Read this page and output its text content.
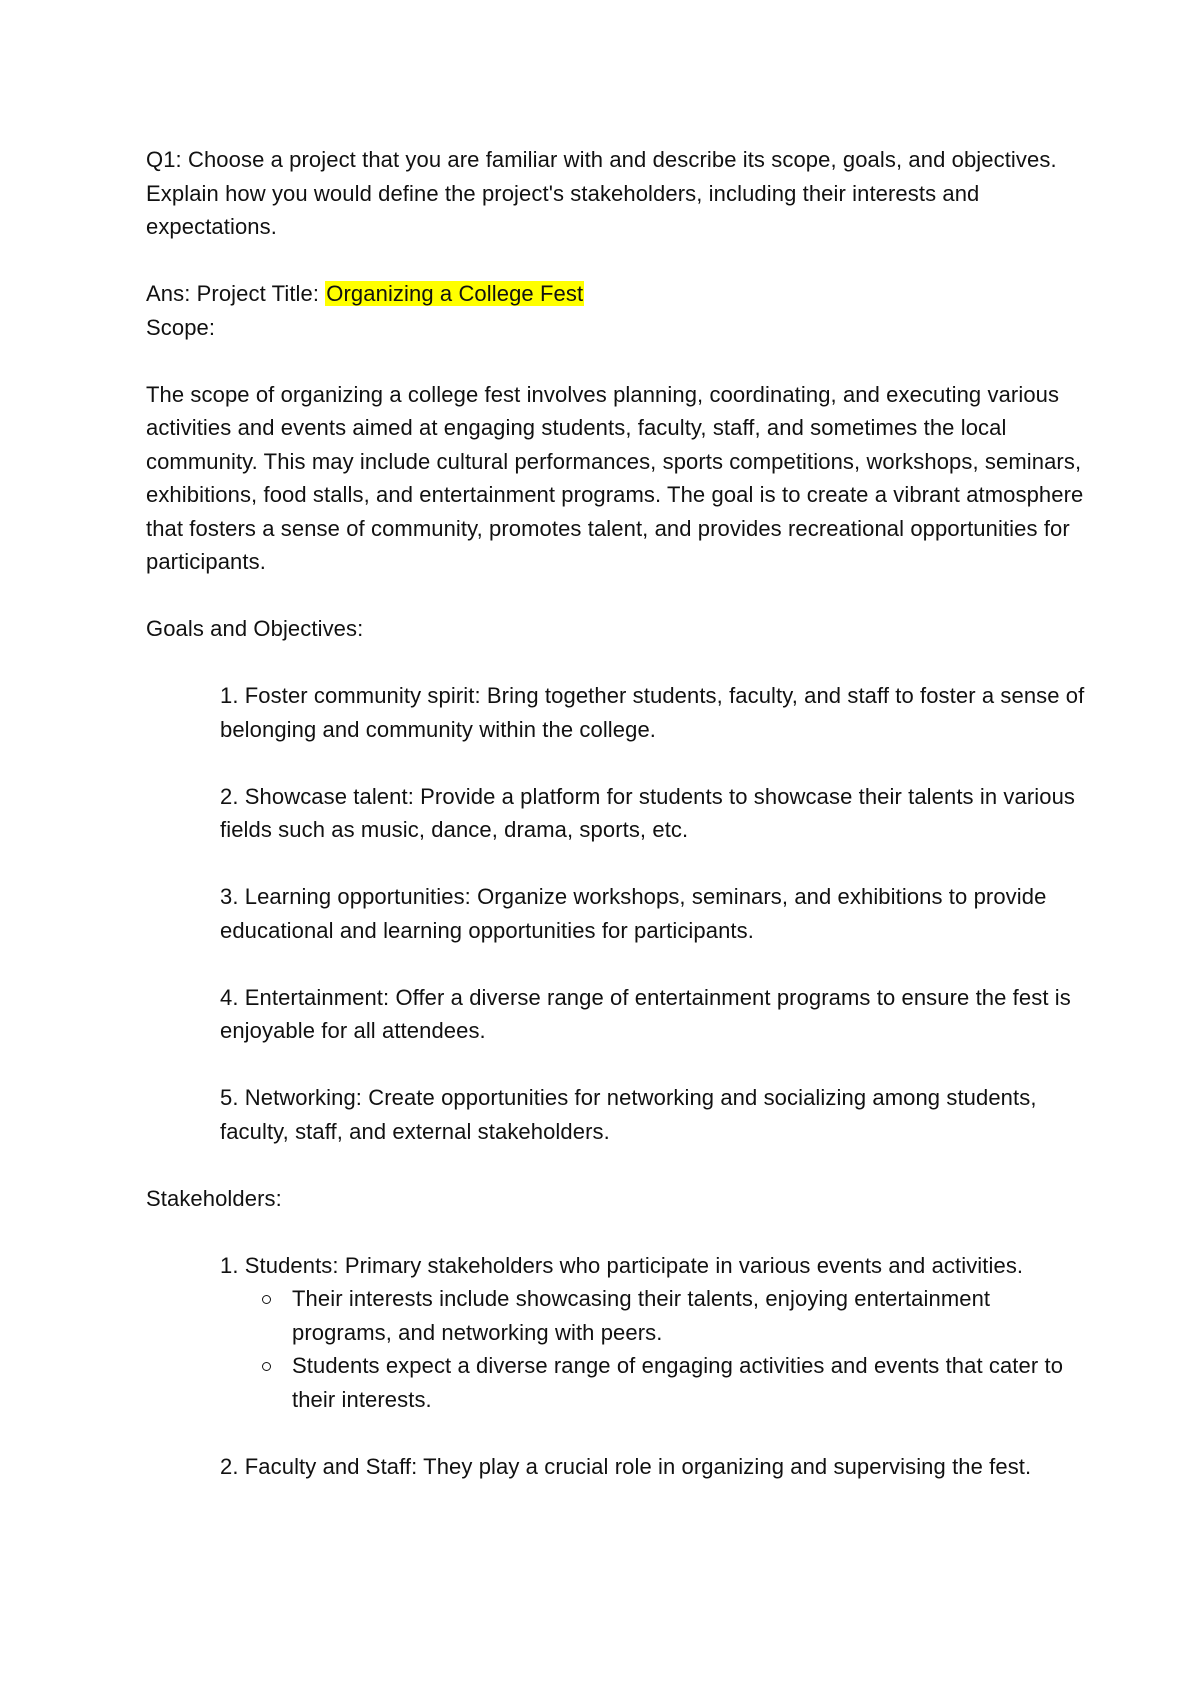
Q1: Choose a project that you are familiar with and describe its scope, goals, and objectives. Explain how you would define the project's stakeholders, including their interests and expectations.

Ans: Project Title: Organizing a College Fest

Scope:

The scope of organizing a college fest involves planning, coordinating, and executing various activities and events aimed at engaging students, faculty, staff, and sometimes the local community. This may include cultural performances, sports competitions, workshops, seminars, exhibitions, food stalls, and entertainment programs. The goal is to create a vibrant atmosphere that fosters a sense of community, promotes talent, and provides recreational opportunities for participants.

Goals and Objectives:

1. Foster community spirit: Bring together students, faculty, and staff to foster a sense of belonging and community within the college.

2. Showcase talent: Provide a platform for students to showcase their talents in various fields such as music, dance, drama, sports, etc.

3. Learning opportunities: Organize workshops, seminars, and exhibitions to provide educational and learning opportunities for participants.

4. Entertainment: Offer a diverse range of entertainment programs to ensure the fest is enjoyable for all attendees.

5. Networking: Create opportunities for networking and socializing among students, faculty, staff, and external stakeholders.

Stakeholders:

1. Students: Primary stakeholders who participate in various events and activities.

Their interests include showcasing their talents, enjoying entertainment programs, and networking with peers.
Students expect a diverse range of engaging activities and events that cater to their interests.

2. Faculty and Staff: They play a crucial role in organizing and supervising the fest.
